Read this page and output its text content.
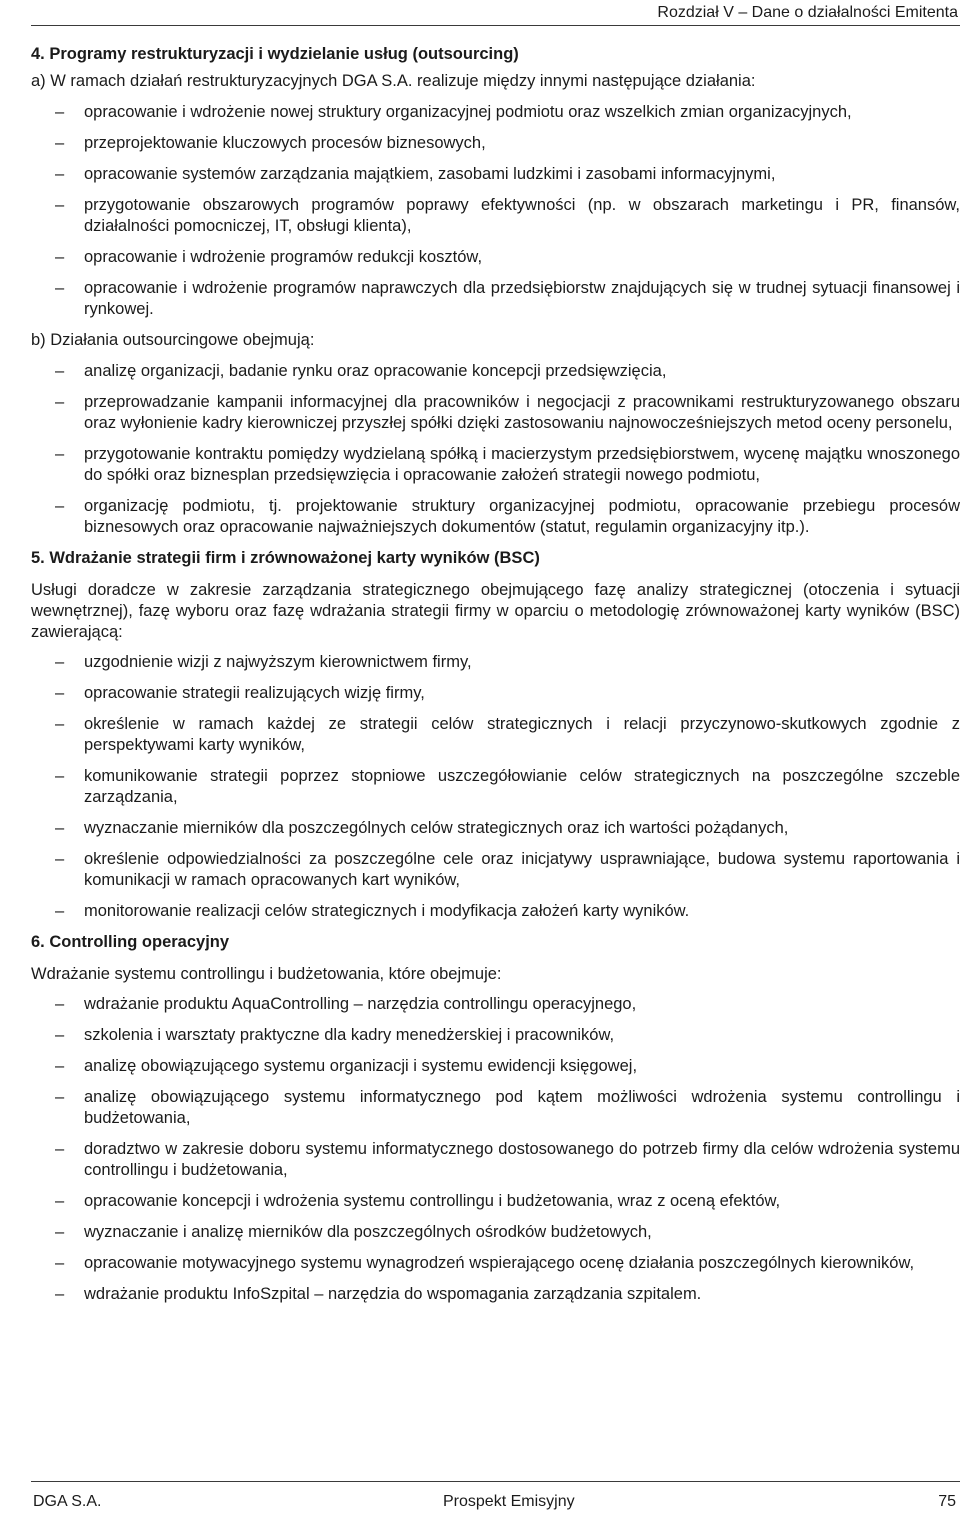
Rozdział V – Dane o działalności Emitenta
4. Programy restrukturyzacji i wydzielanie usług (outsourcing)
a) W ramach działań restrukturyzacyjnych DGA S.A. realizuje między innymi następujące działania:
– opracowanie i wdrożenie nowej struktury organizacyjnej podmiotu oraz wszelkich zmian organizacyjnych,
– przeprojektowanie kluczowych procesów biznesowych,
– opracowanie systemów zarządzania majątkiem, zasobami ludzkimi i zasobami informacyjnymi,
– przygotowanie obszarowych programów poprawy efektywności (np. w obszarach marketingu i PR, finansów, działalności pomocniczej, IT, obsługi klienta),
– opracowanie i wdrożenie programów redukcji kosztów,
– opracowanie i wdrożenie programów naprawczych dla przedsiębiorstw znajdujących się w trudnej sytuacji finansowej i rynkowej.
b) Działania outsourcingowe obejmują:
– analizę organizacji, badanie rynku oraz opracowanie koncepcji przedsięwzięcia,
– przeprowadzanie kampanii informacyjnej dla pracowników i negocjacji z pracownikami restrukturyzowanego obszaru oraz wyłonienie kadry kierowniczej przyszłej spółki dzięki zastosowaniu najnowocześniejszych metod oceny personelu,
– przygotowanie kontraktu pomiędzy wydzielaną spółką i macierzystym przedsiębiorstwem, wycenę majątku wnoszonego do spółki oraz biznesplan przedsięwzięcia i opracowanie założeń strategii nowego podmiotu,
– organizację podmiotu, tj. projektowanie struktury organizacyjnej podmiotu, opracowanie przebiegu procesów biznesowych oraz opracowanie najważniejszych dokumentów (statut, regulamin organizacyjny itp.).
5. Wdrażanie strategii firm i zrównoważonej karty wyników (BSC)
Usługi doradcze w zakresie zarządzania strategicznego obejmującego fazę analizy strategicznej (otoczenia i sytuacji wewnętrznej), fazę wyboru oraz fazę wdrażania strategii firmy w oparciu o metodologię zrównoważonej karty wyników (BSC) zawierającą:
– uzgodnienie wizji z najwyższym kierownictwem firmy,
– opracowanie strategii realizujących wizję firmy,
– określenie w ramach każdej ze strategii celów strategicznych i relacji przyczynowo-skutkowych zgodnie z perspektywami karty wyników,
– komunikowanie strategii poprzez stopniowe uszczegółowianie celów strategicznych na poszczególne szczeble zarządzania,
– wyznaczanie mierników dla poszczególnych celów strategicznych oraz ich wartości pożądanych,
– określenie odpowiedzialności za poszczególne cele oraz inicjatywy usprawniające, budowa systemu raportowania i komunikacji w ramach opracowanych kart wyników,
– monitorowanie realizacji celów strategicznych i modyfikacja założeń karty wyników.
6. Controlling operacyjny
Wdrażanie systemu controllingu i budżetowania, które obejmuje:
– wdrażanie produktu AquaControlling – narzędzia controllingu operacyjnego,
– szkolenia i warsztaty praktyczne dla kadry menedżerskiej i pracowników,
– analizę obowiązującego systemu organizacji i systemu ewidencji księgowej,
– analizę obowiązującego systemu informatycznego pod kątem możliwości wdrożenia systemu controllingu i budżetowania,
– doradztwo w zakresie doboru systemu informatycznego dostosowanego do potrzeb firmy dla celów wdrożenia systemu controllingu i budżetowania,
– opracowanie koncepcji i wdrożenia systemu controllingu i budżetowania, wraz z oceną efektów,
– wyznaczanie i analizę mierników dla poszczególnych ośrodków budżetowych,
– opracowanie motywacyjnego systemu wynagrodzeń wspierającego ocenę działania poszczególnych kierowników,
– wdrażanie produktu InfoSzpital – narzędzia do wspomagania zarządzania szpitalem.
DGA S.A.	Prospekt Emisyjny	75
